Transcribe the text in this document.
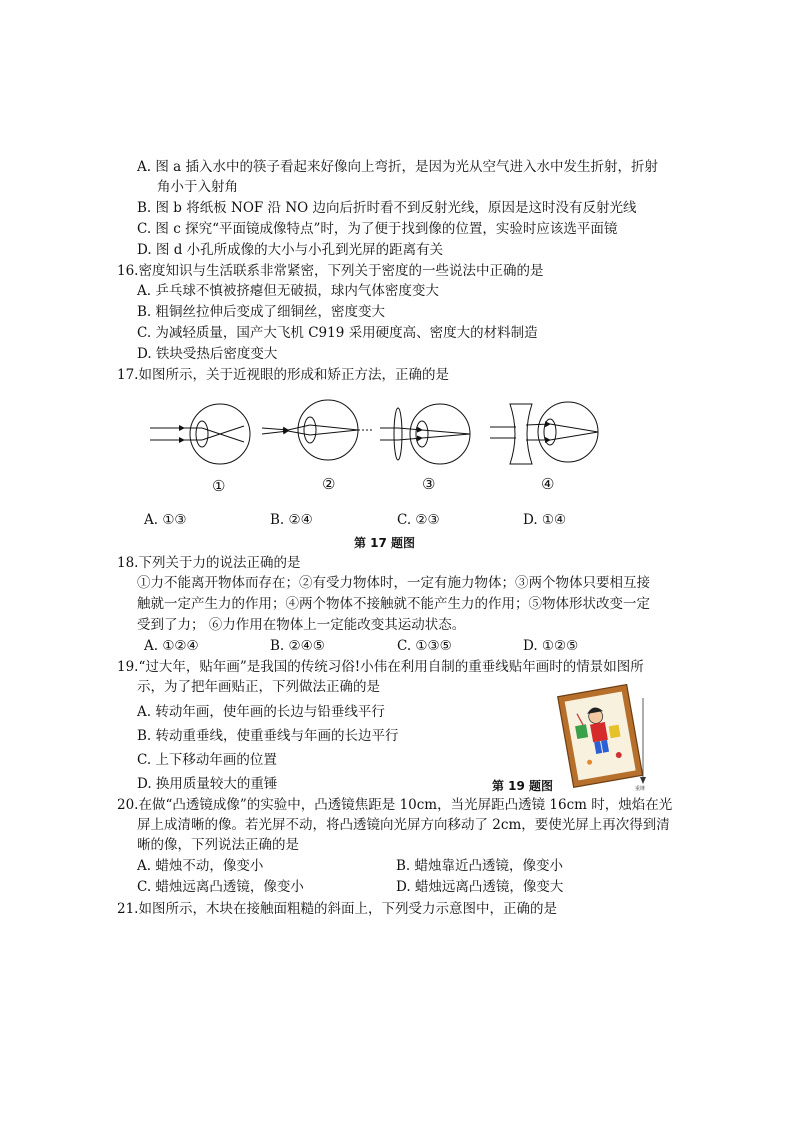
A. 图 a 插入水中的筷子看起来好像向上弯折，是因为光从空气进入水中发生折射，折射
角小于入射角
B. 图 b 将纸板 NOF 沿 NO 边向后折时看不到反射光线，原因是这时没有反射光线
C. 图 c 探究“平面镜成像特点”时，为了便于找到像的位置，实验时应该选平面镜
D. 图 d 小孔所成像的大小与小孔到光屏的距离有关
16.密度知识与生活联系非常紧密，下列关于密度的一些说法中正确的是
A. 乒乓球不慎被挤瘪但无破损，球内气体密度变大
B. 粗铜丝拉伸后变成了细铜丝，密度变大
C. 为减轻质量，国产大飞机 C919 采用硬度高、密度大的材料制造
D. 铁块受热后密度变大
17.如图所示，关于近视眼的形成和矫正方法，正确的是
①	②	③	④
A. ①③	B. ②④	C. ②③	D. ①④
第 17 题图
18.下列关于力的说法正确的是
①力不能离开物体而存在；②有受力物体时，一定有施力物体；③两个物体只要相互接
触就一定产生力的作用；④两个物体不接触就不能产生力的作用；⑤物体形状改变一定
受到了力； ⑥力作用在物体上一定能改变其运动状态。
A. ①②④	B. ②④⑤	C. ①③⑤	D. ①②⑤
19.“过大年，贴年画”是我国的传统习俗!小伟在利用自制的重垂线贴年画时的情景如图所
示，为了把年画贴正，下列做法正确的是
A. 转动年画，使年画的长边与铅垂线平行
B. 转动重垂线，使重垂线与年画的长边平行
C. 上下移动年画的位置
D. 换用质量较大的重锤	第 19 题图	重锤
20.在做“凸透镜成像”的实验中，凸透镜焦距是 10cm，当光屏距凸透镜 16cm 时，烛焰在光
屏上成清晰的像。若光屏不动，将凸透镜向光屏方向移动了 2cm，要使光屏上再次得到清
晰的像，下列说法正确的是
A. 蜡烛不动，像变小	B. 蜡烛靠近凸透镜，像变小
C. 蜡烛远离凸透镜，像变小	D. 蜡烛远离凸透镜，像变大
21.如图所示，木块在接触面粗糙的斜面上，下列受力示意图中，正确的是
